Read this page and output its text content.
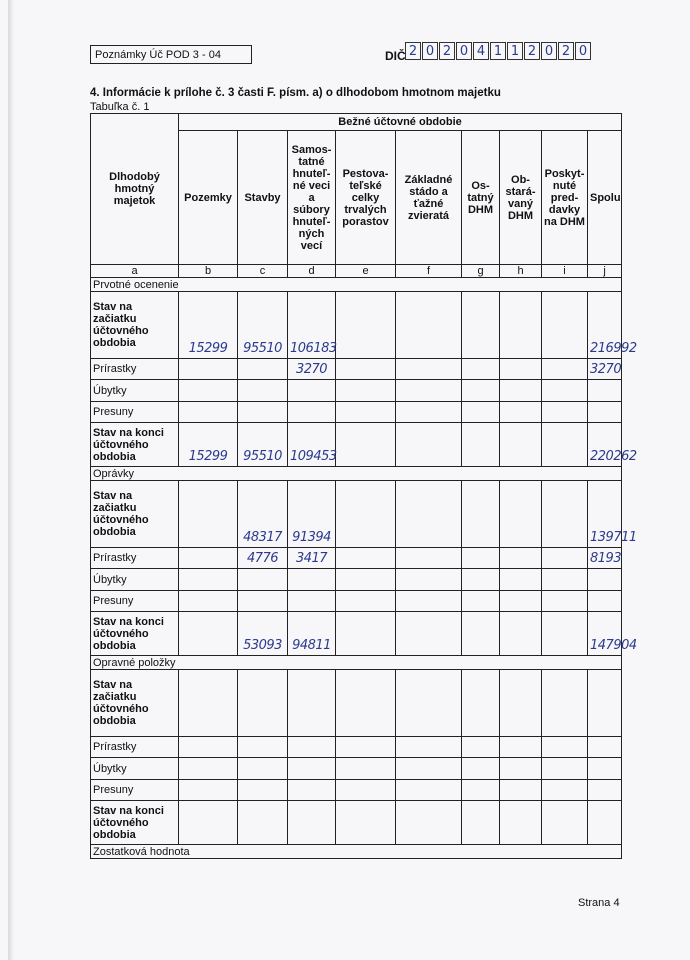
Poznámky Úč POD 3 - 04	DIČ 2 0 2 0 4 1 1 2 0 2 0
4. Informácie k prílohe č. 3 časti F. písm. a) o dlhodobom hmotnom majetku
Tabuľka č. 1
Dlhodobý hmotný majetok	Bežné účtovné obdobie								
	Pozemky	Stavby	Samos-tatné hnuteľ-né veci a súbory hnuteľ-ných vecí	Pestova-teľské celky trvalých porastov	Základné stádo a ťažné zvieratá	Os-tatný DHM	Ob-stará-vaný DHM	Poskyt-nuté pred-davky na DHM	Spolu
a	b	c	d	e	f	g	h	i	j
Prvotné ocenenie									
Stav na začiatku účtovného obdobia	15299	95510	106183						216992
Prírastky			3270						3270
Úbytky									
Presuny									
Stav na konci účtovného obdobia	15299	95510	109453						220262
Oprávky									
Stav na začiatku účtovného obdobia		48317	91394						139711
Prírastky		4776	3417						8193
Úbytky									
Presuny									
Stav na konci účtovného obdobia		53093	94811						147904
Opravné položky									
Stav na začiatku účtovného obdobia									
Prírastky									
Úbytky									
Presuny									
Stav na konci účtovného obdobia									
Zostatková hodnota									
Strana 4
